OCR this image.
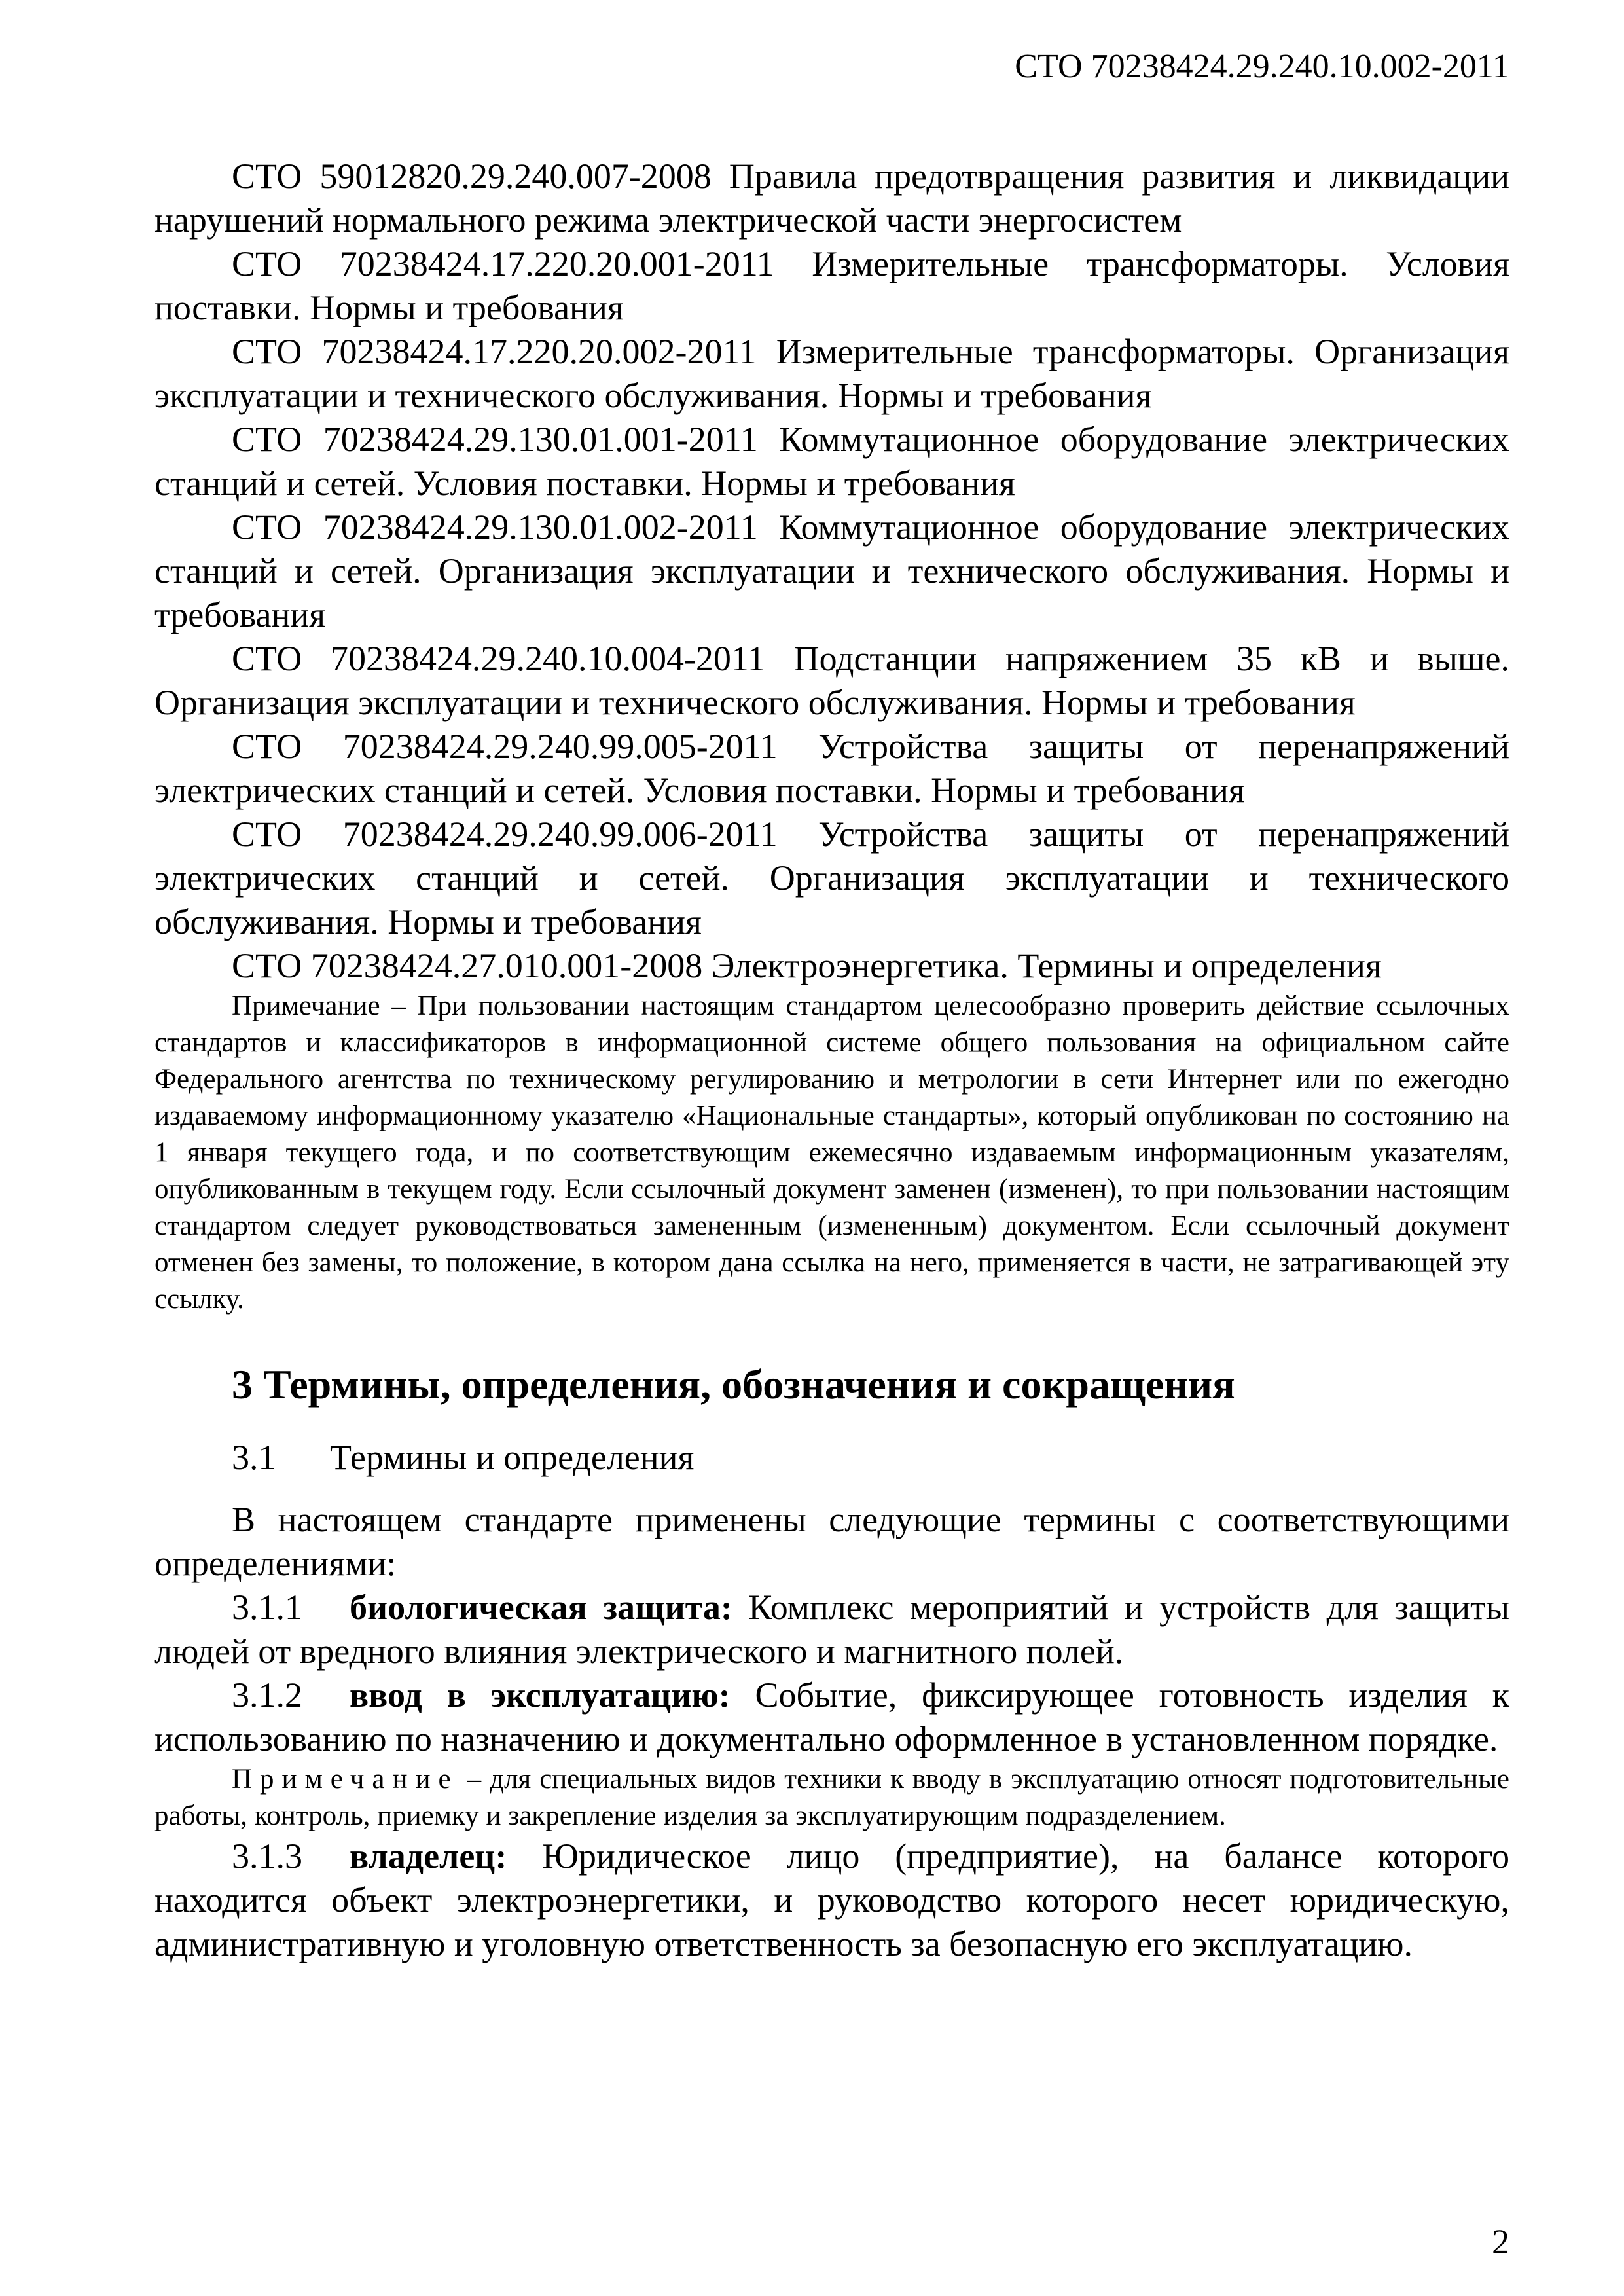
СТО 70238424.29.240.10.002-2011

СТО 59012820.29.240.007-2008 Правила предотвращения развития и ликвидации нарушений нормального режима электрической части энергосистем

СТО 70238424.17.220.20.001-2011 Измерительные трансформаторы. Условия поставки. Нормы и требования

СТО 70238424.17.220.20.002-2011 Измерительные трансформаторы. Организация эксплуатации и технического обслуживания. Нормы и требования

СТО 70238424.29.130.01.001-2011 Коммутационное оборудование электрических станций и сетей. Условия поставки. Нормы и требования

СТО 70238424.29.130.01.002-2011 Коммутационное оборудование электрических станций и сетей. Организация эксплуатации и технического обслуживания. Нормы и требования

СТО 70238424.29.240.10.004-2011 Подстанции напряжением 35 кВ и выше. Организация эксплуатации и технического обслуживания. Нормы и требования

СТО 70238424.29.240.99.005-2011 Устройства защиты от перенапряжений электрических станций и сетей. Условия поставки. Нормы и требования

СТО 70238424.29.240.99.006-2011 Устройства защиты от перенапряжений электрических станций и сетей. Организация эксплуатации и технического обслуживания. Нормы и требования

СТО 70238424.27.010.001-2008 Электроэнергетика. Термины и определения

Примечание – При пользовании настоящим стандартом целесообразно проверить действие ссылочных стандартов и классификаторов в информационной системе общего пользования на официальном сайте Федерального агентства по техническому регулированию и метрологии в сети Интернет или по ежегодно издаваемому информационному указателю «Национальные стандарты», который опубликован по состоянию на 1 января текущего года, и по соответствующим ежемесячно издаваемым информационным указателям, опубликованным в текущем году. Если ссылочный документ заменен (изменен), то при пользовании настоящим стандартом следует руководствоваться замененным (измененным) документом. Если ссылочный документ отменен без замены, то положение, в котором дана ссылка на него, применяется в части, не затрагивающей эту ссылку.

3 Термины, определения, обозначения и сокращения

3.1 Термины и определения

В настоящем стандарте применены следующие термины с соответствующими определениями:

3.1.1 биологическая защита: Комплекс мероприятий и устройств для защиты людей от вредного влияния электрического и магнитного полей.

3.1.2 ввод в эксплуатацию: Событие, фиксирующее готовность изделия к использованию по назначению и документально оформленное в установленном порядке.

Примечание – для специальных видов техники к вводу в эксплуатацию относят подготовительные работы, контроль, приемку и закрепление изделия за эксплуатирующим подразделением.

3.1.3 владелец: Юридическое лицо (предприятие), на балансе которого находится объект электроэнергетики, и руководство которого несет юридическую, административную и уголовную ответственность за безопасную его эксплуатацию.

2
